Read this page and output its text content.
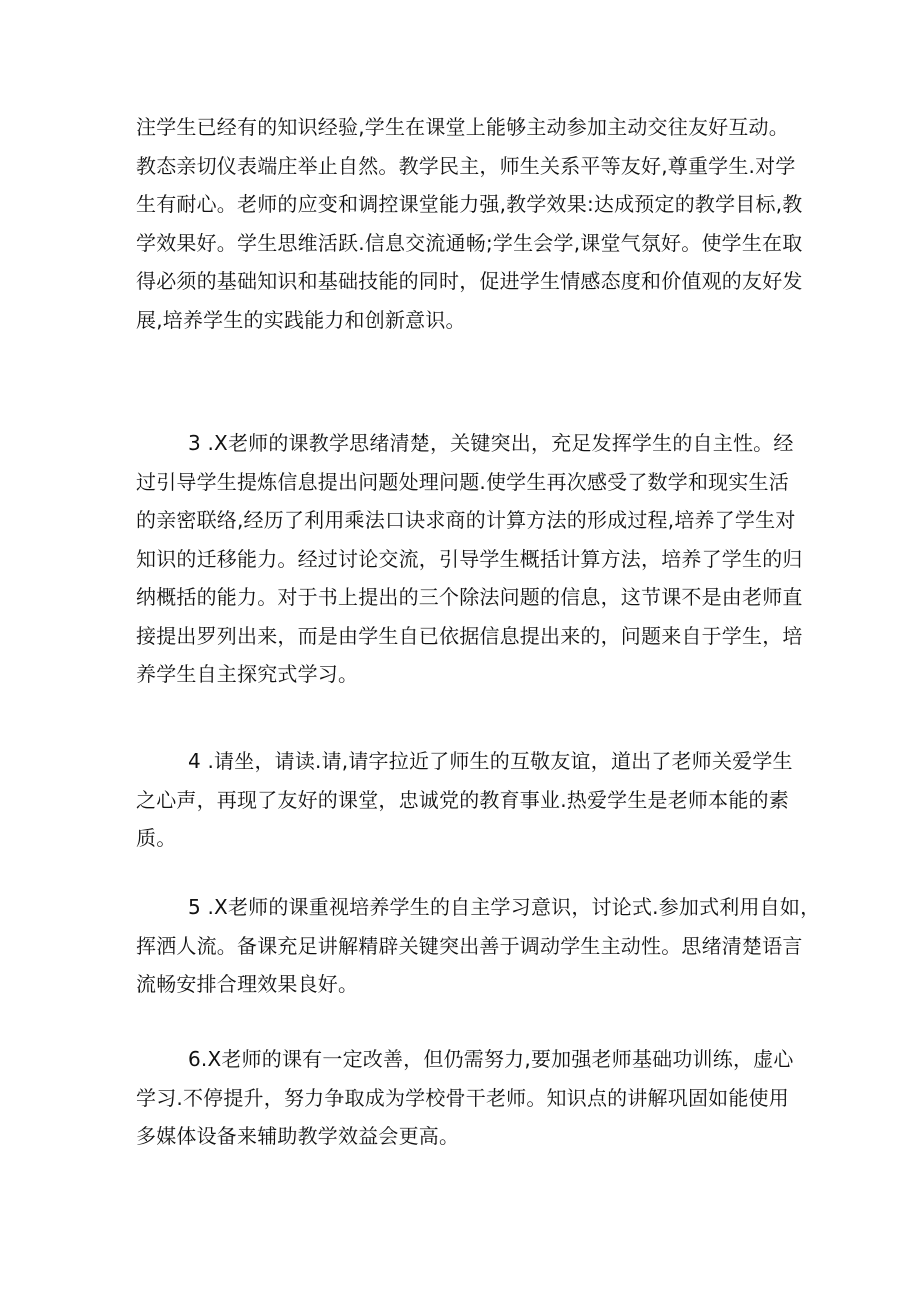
注学生已经有的知识经验,学生在课堂上能够主动参加主动交往友好互动。
教态亲切仪表端庄举止自然。教学民主，师生关系平等友好,尊重学生.对学
生有耐心。老师的应变和调控课堂能力强,教学效果:达成预定的教学目标,教
学效果好。学生思维活跃.信息交流通畅;学生会学,课堂气氛好。使学生在取
得必须的基础知识和基础技能的同时，促进学生情感态度和价值观的友好发
展,培养学生的实践能力和创新意识。

3 .X老师的课教学思绪清楚，关键突出，充足发挥学生的自主性。经
过引导学生提炼信息提出问题处理问题.使学生再次感受了数学和现实生活
的亲密联络,经历了利用乘法口诀求商的计算方法的形成过程,培养了学生对
知识的迁移能力。经过讨论交流，引导学生概括计算方法，培养了学生的归
纳概括的能力。对于书上提出的三个除法问题的信息，这节课不是由老师直
接提出罗列出来，而是由学生自已依据信息提出来的，问题来自于学生，培
养学生自主探究式学习。

4 .请坐，请读.请,请字拉近了师生的互敬友谊，道出了老师关爱学生
之心声，再现了友好的课堂，忠诚党的教育事业.热爱学生是老师本能的素
质。

5 .X老师的课重视培养学生的自主学习意识，讨论式.参加式利用自如，
挥洒人流。备课充足讲解精辟关键突出善于调动学生主动性。思绪清楚语言
流畅安排合理效果良好。

6.X老师的课有一定改善，但仍需努力,要加强老师基础功训练，虚心
学习.不停提升，努力争取成为学校骨干老师。知识点的讲解巩固如能使用
多媒体设备来辅助教学效益会更高。
